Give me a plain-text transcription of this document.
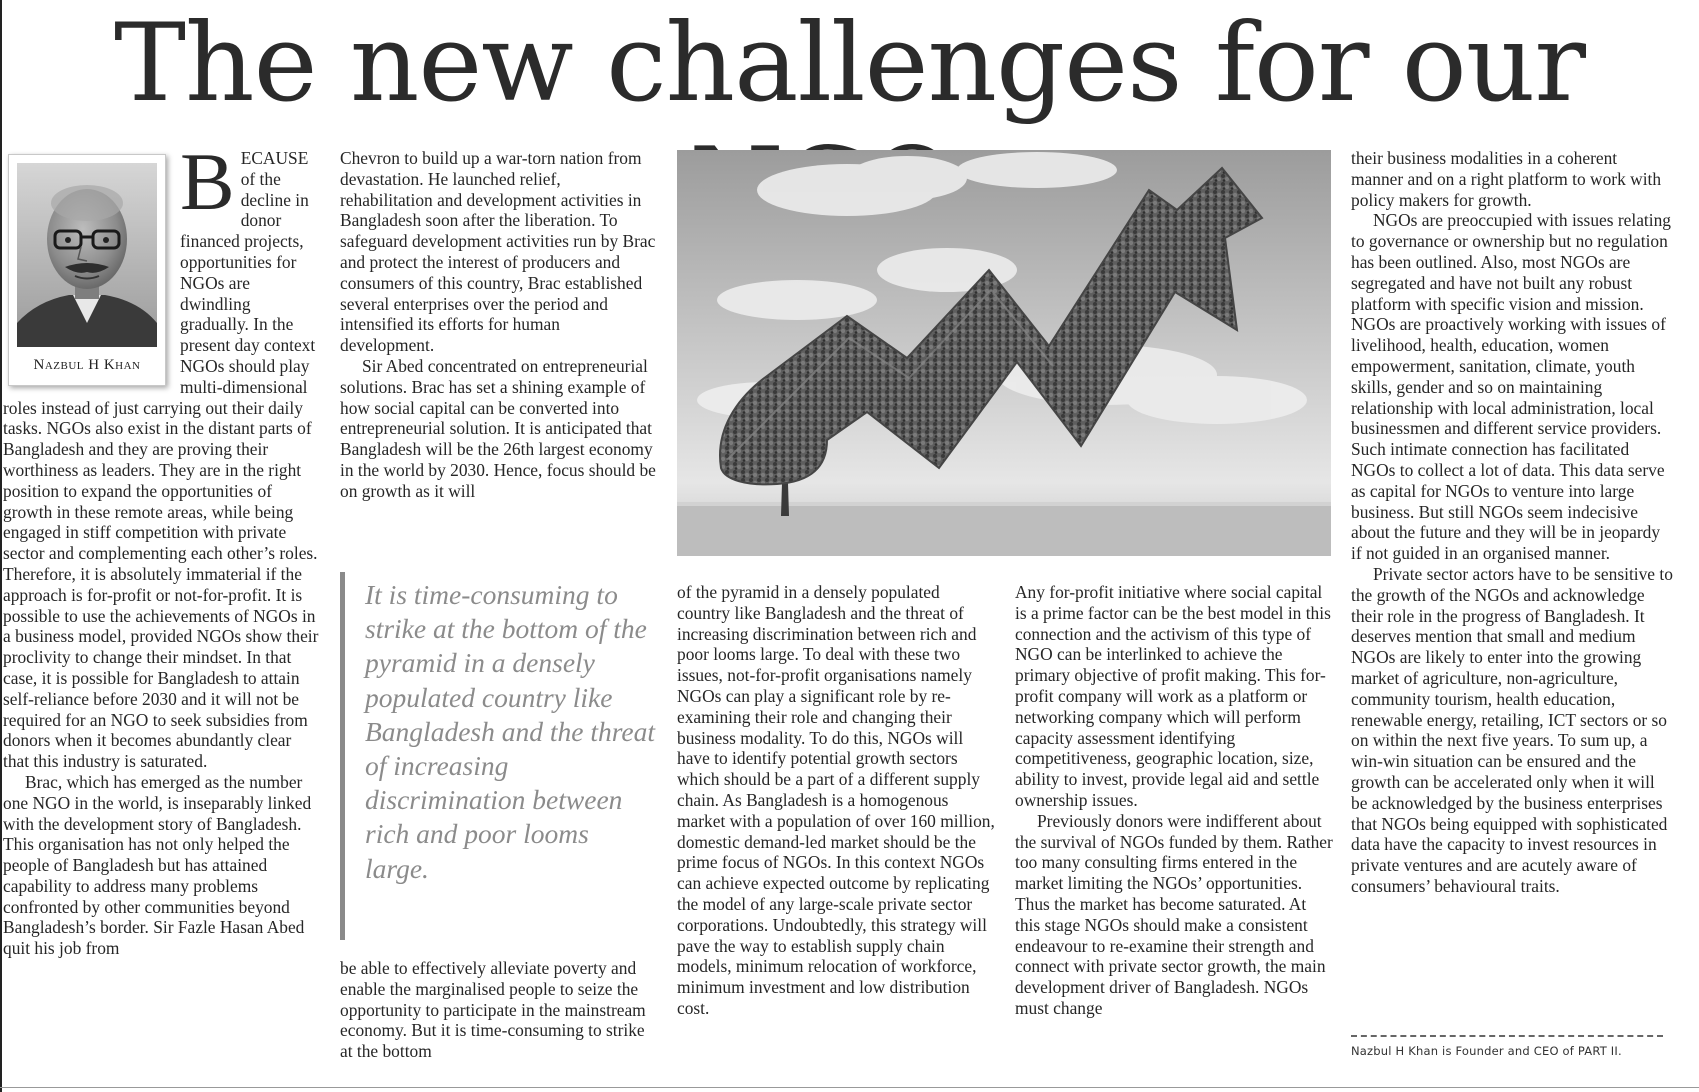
The new challenges for our
Nazbul H Khan
B ECAUSE of the decline in donor financed projects, opportunities for NGOs are dwindling gradually. In the present day context NGOs should play multi-dimensional roles instead of just carrying out their daily tasks. NGOs also exist in the distant parts of Bangladesh and they are proving their worthiness as leaders. They are in the right position to expand the opportunities of growth in these remote areas, while being engaged in stiff competition with private sector and complementing each other’s roles. Therefore, it is absolutely immaterial if the approach is for-profit or not-for-profit. It is possible to use the achievements of NGOs in a business model, provided NGOs show their proclivity to change their mindset. In that case, it is possible for Bangladesh to attain self-reliance before 2030 and it will not be required for an NGO to seek subsidies from donors when it becomes abundantly clear that this industry is saturated.

Brac, which has emerged as the number one NGO in the world, is inseparably linked with the development story of Bangladesh. This organisation has not only helped the people of Bangladesh but has attained capability to address many problems confronted by other communities beyond Bangladesh’s border. Sir Fazle Hasan Abed quit his job from

Chevron to build up a war-torn nation from devastation. He launched relief, rehabilitation and development activities in Bangladesh soon after the liberation. To safeguard development activities run by Brac and protect the interest of producers and consumers of this country, Brac established several enterprises over the period and intensified its efforts for human development.

Sir Abed concentrated on entrepreneurial solutions. Brac has set a shining example of how social capital can be converted into entrepreneurial solution. It is anticipated that Bangladesh will be the 26th largest economy in the world by 2030. Hence, focus should be on growth as it will

It is time-consuming to strike at the bottom of the pyramid in a densely populated country like Bangladesh and the threat of increasing discrimination between rich and poor looms large.

be able to effectively alleviate poverty and enable the marginalised people to seize the opportunity to participate in the mainstream economy. But it is time-consuming to strike at the bottom

of the pyramid in a densely populated country like Bangladesh and the threat of increasing discrimination between rich and poor looms large. To deal with these two issues, not-for-profit organisations namely NGOs can play a significant role by re-examining their role and changing their business modality. To do this, NGOs will have to identify potential growth sectors which should be a part of a different supply chain. As Bangladesh is a homogenous market with a population of over 160 million, domestic demand-led market should be the prime focus of NGOs. In this context NGOs can achieve expected outcome by replicating the model of any large-scale private sector corporations. Undoubtedly, this strategy will pave the way to establish supply chain models, minimum relocation of workforce, minimum investment and low distribution cost.

Any for-profit initiative where social capital is a prime factor can be the best model in this connection and the activism of this type of NGO can be interlinked to achieve the primary objective of profit making. This for-profit company will work as a platform or networking company which will perform capacity assessment identifying competitiveness, geographic location, size, ability to invest, provide legal aid and settle ownership issues.

Previously donors were indifferent about the survival of NGOs funded by them. Rather too many consulting firms entered in the market limiting the NGOs’ opportunities. Thus the market has become saturated. At this stage NGOs should make a consistent endeavour to re-examine their strength and connect with private sector growth, the main development driver of Bangladesh. NGOs must change

their business modalities in a coherent manner and on a right platform to work with policy makers for growth.

NGOs are preoccupied with issues relating to governance or ownership but no regulation has been outlined. Also, most NGOs are segregated and have not built any robust platform with specific vision and mission. NGOs are proactively working with issues of livelihood, health, education, women empowerment, sanitation, climate, youth skills, gender and so on maintaining relationship with local administration, local businessmen and different service providers. Such intimate connection has facilitated NGOs to collect a lot of data. This data serve as capital for NGOs to venture into large business. But still NGOs seem indecisive about the future and they will be in jeopardy if not guided in an organised manner.

Private sector actors have to be sensitive to the growth of the NGOs and acknowledge their role in the progress of Bangladesh. It deserves mention that small and medium NGOs are likely to enter into the growing market of agriculture, non-agriculture, community tourism, health education, renewable energy, retailing, ICT sectors or so on within the next five years. To sum up, a win-win situation can be ensured and the growth can be accelerated only when it will be acknowledged by the business enterprises that NGOs being equipped with sophisticated data have the capacity to invest resources in private ventures and are acutely aware of consumers’ behavioural traits.

Nazbul H Khan is Founder and CEO of PART II.
